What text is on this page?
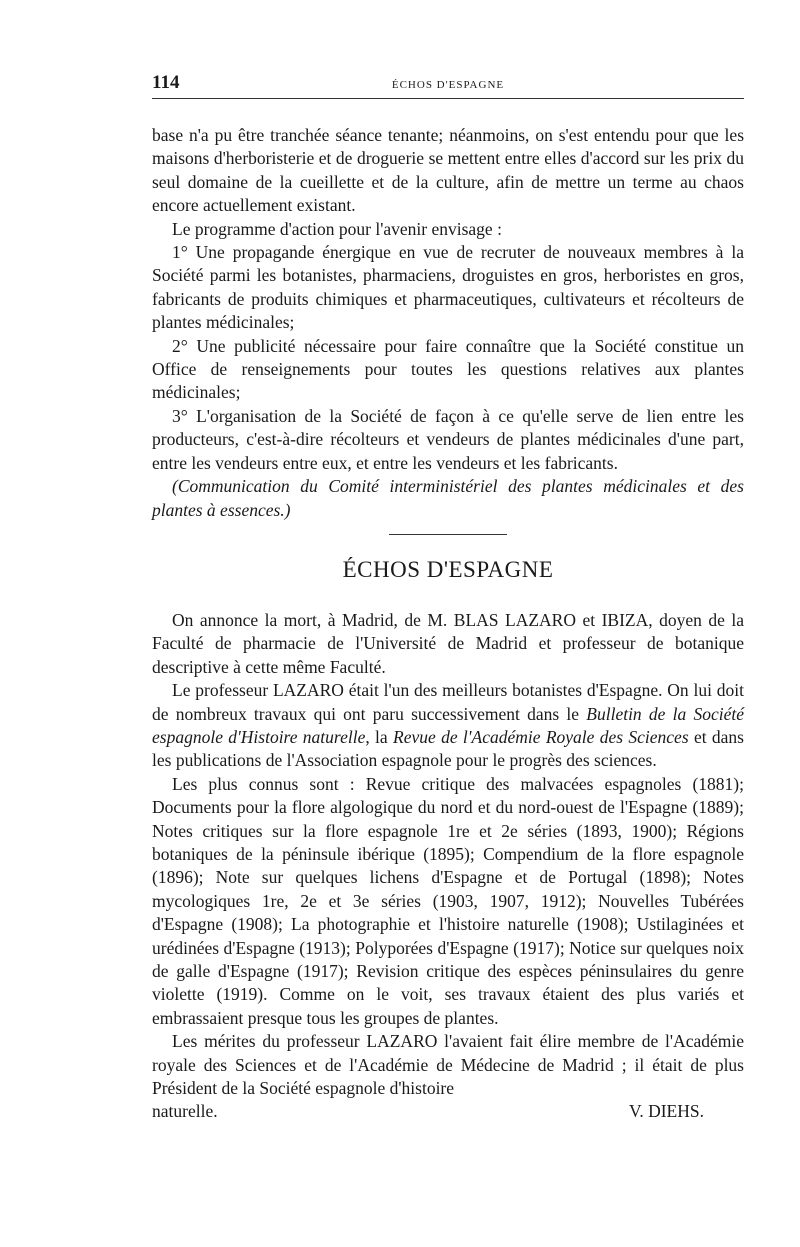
114	ÉCHOS D'ESPAGNE

base n'a pu être tranchée séance tenante; néanmoins, on s'est entendu pour que les maisons d'herboristerie et de droguerie se mettent entre elles d'accord sur les prix du seul domaine de la cueillette et de la culture, afin de mettre un terme au chaos encore actuellement existant.

Le programme d'action pour l'avenir envisage :

1° Une propagande énergique en vue de recruter de nouveaux membres à la Société parmi les botanistes, pharmaciens, droguistes en gros, herboristes en gros, fabricants de produits chimiques et pharmaceutiques, cultivateurs et récolteurs de plantes médicinales;

2° Une publicité nécessaire pour faire connaître que la Société constitue un Office de renseignements pour toutes les questions relatives aux plantes médicinales;

3° L'organisation de la Société de façon à ce qu'elle serve de lien entre les producteurs, c'est-à-dire récolteurs et vendeurs de plantes médicinales d'une part, entre les vendeurs entre eux, et entre les vendeurs et les fabricants.

(Communication du Comité interministériel des plantes médicinales et des plantes à essences.)

ÉCHOS D'ESPAGNE

On annonce la mort, à Madrid, de M. BLAS LAZARO et IBIZA, doyen de la Faculté de pharmacie de l'Université de Madrid et professeur de botanique descriptive à cette même Faculté.

Le professeur LAZARO était l'un des meilleurs botanistes d'Espagne. On lui doit de nombreux travaux qui ont paru successivement dans le Bulletin de la Société espagnole d'Histoire naturelle, la Revue de l'Académie Royale des Sciences et dans les publications de l'Association espagnole pour le progrès des sciences.

Les plus connus sont : Revue critique des malvacées espagnoles (1881); Documents pour la flore algologique du nord et du nord-ouest de l'Espagne (1889); Notes critiques sur la flore espagnole 1re et 2e séries (1893, 1900); Régions botaniques de la péninsule ibérique (1895); Compendium de la flore espagnole (1896); Note sur quelques lichens d'Espagne et de Portugal (1898); Notes mycologiques 1re, 2e et 3e séries (1903, 1907, 1912); Nouvelles Tubérées d'Espagne (1908); La photographie et l'histoire naturelle (1908); Ustilaginées et urédinées d'Espagne (1913); Polyporées d'Espagne (1917); Notice sur quelques noix de galle d'Espagne (1917); Revision critique des espèces péninsulaires du genre violette (1919). Comme on le voit, ses travaux étaient des plus variés et embrassaient presque tous les groupes de plantes.

Les mérites du professeur LAZARO l'avaient fait élire membre de l'Académie royale des Sciences et de l'Académie de Médecine de Madrid ; il était de plus Président de la Société espagnole d'histoire

naturelle.	V. DIEHS.
